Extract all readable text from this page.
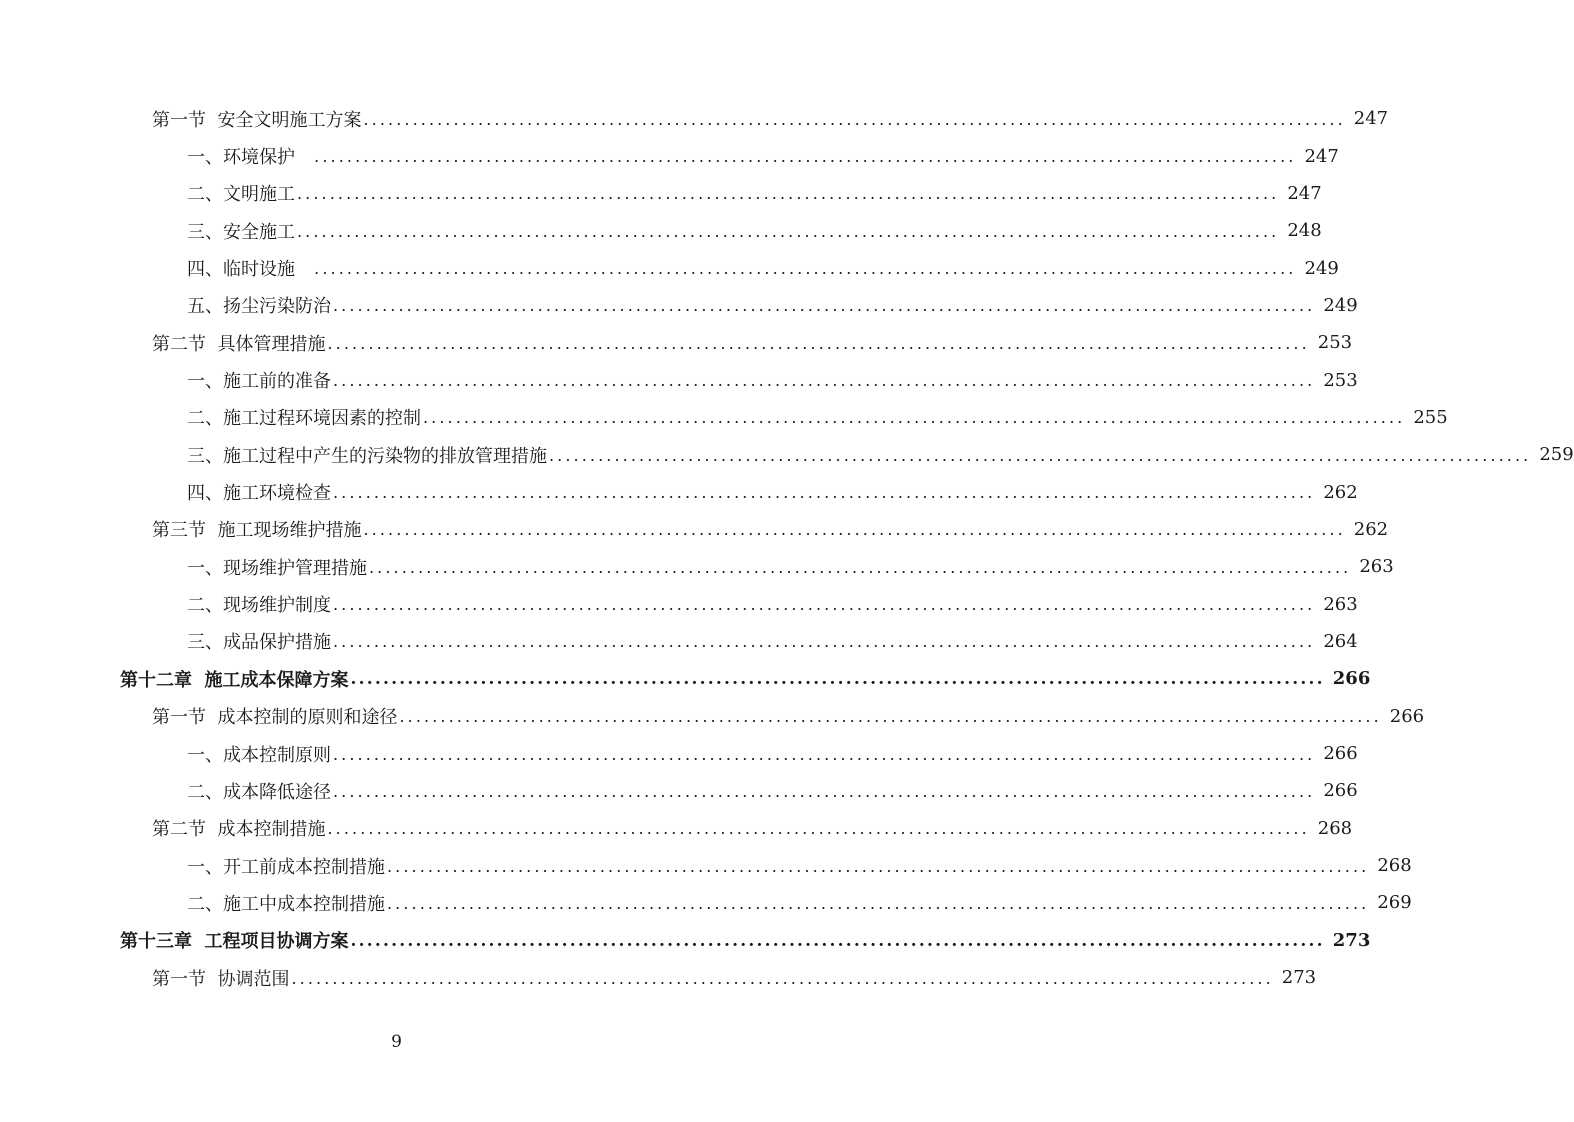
第一节  安全文明施工方案 ........................................................................................................................ 247
一、环境保护 ........................................................................................................................ 247
二、文明施工 ........................................................................................................................ 247
三、安全施工 ........................................................................................................................ 248
四、临时设施 ........................................................................................................................ 249
五、扬尘污染防治 ........................................................................................................................ 249
第二节  具体管理措施 ........................................................................................................................ 253
一、施工前的准备 ........................................................................................................................ 253
二、施工过程环境因素的控制 ........................................................................................................................ 255
三、施工过程中产生的污染物的排放管理措施 ........................................................................................................................ 259
四、施工环境检查 ........................................................................................................................ 262
第三节  施工现场维护措施 ........................................................................................................................ 262
一、现场维护管理措施 ........................................................................................................................ 263
二、现场维护制度 ........................................................................................................................ 263
三、成品保护措施 ........................................................................................................................ 264
第十二章  施工成本保障方案 ........................................................................................................................ 266
第一节  成本控制的原则和途径 ........................................................................................................................ 266
一、成本控制原则 ........................................................................................................................ 266
二、成本降低途径 ........................................................................................................................ 266
第二节  成本控制措施 ........................................................................................................................ 268
一、开工前成本控制措施 ........................................................................................................................ 268
二、施工中成本控制措施 ........................................................................................................................ 269
第十三章  工程项目协调方案 ........................................................................................................................ 273
第一节  协调范围 ........................................................................................................................ 273
9
